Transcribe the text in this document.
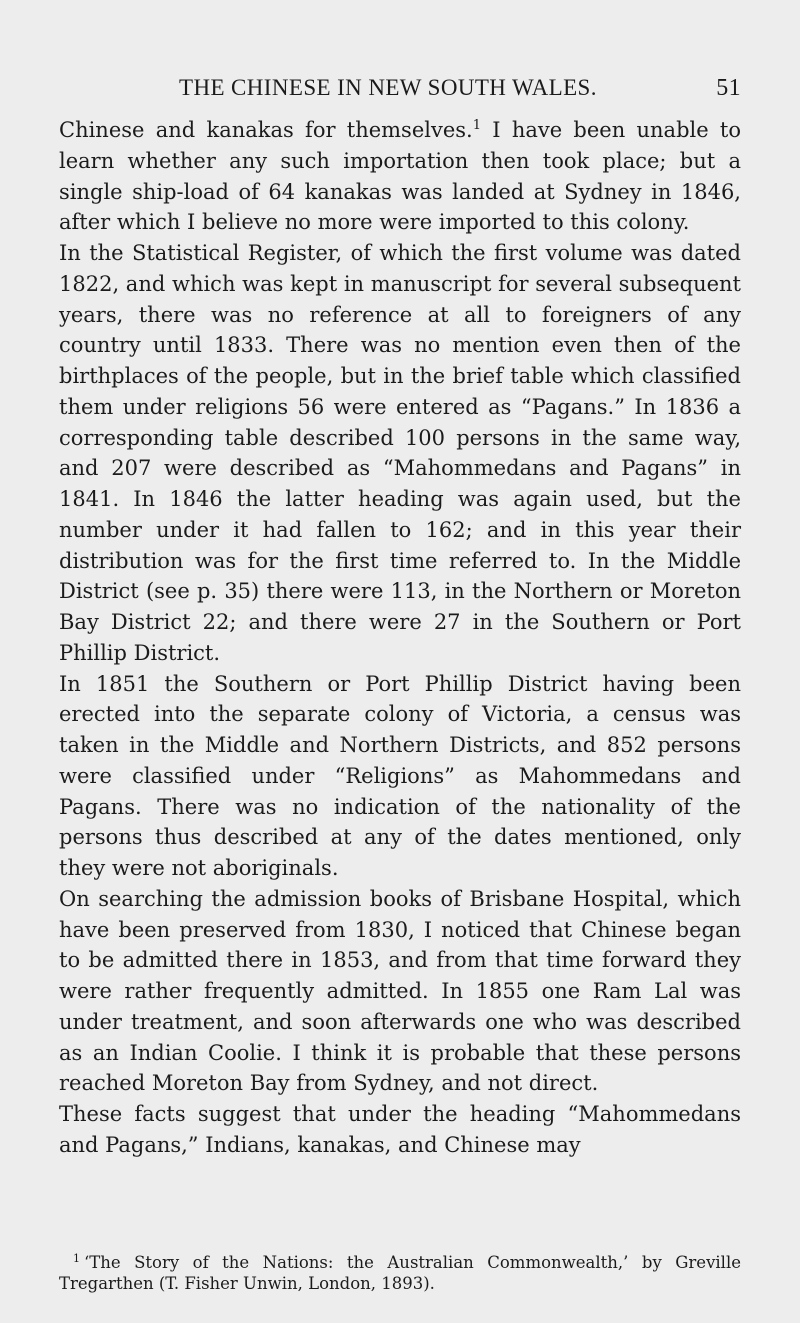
THE CHINESE IN NEW SOUTH WALES.	51

Chinese and kanakas for themselves.$^1$ I have been unable to learn whether any such importation then took place; but a single ship-load of 64 kanakas was landed at Sydney in 1846, after which I believe no more were imported to this colony.

In the Statistical Register, of which the first volume was dated 1822, and which was kept in manuscript for several subsequent years, there was no reference at all to foreigners of any country until 1833. There was no mention even then of the birthplaces of the people, but in the brief table which classified them under religions 56 were entered as “Pagans.” In 1836 a corresponding table described 100 persons in the same way, and 207 were described as “Mahommedans and Pagans” in 1841. In 1846 the latter heading was again used, but the number under it had fallen to 162; and in this year their distribution was for the first time referred to. In the Middle District (see p. 35) there were 113, in the Northern or Moreton Bay District 22; and there were 27 in the Southern or Port Phillip District.

In 1851 the Southern or Port Phillip District having been erected into the separate colony of Victoria, a census was taken in the Middle and Northern Districts, and 852 persons were classified under “Religions” as Mahommedans and Pagans. There was no indication of the nationality of the persons thus described at any of the dates mentioned, only they were not aboriginals.

On searching the admission books of Brisbane Hospital, which have been preserved from 1830, I noticed that Chinese began to be admitted there in 1853, and from that time forward they were rather frequently admitted. In 1855 one Ram Lal was under treatment, and soon afterwards one who was described as an Indian Coolie. I think it is probable that these persons reached Moreton Bay from Sydney, and not direct.

These facts suggest that under the heading “Mahommedans and Pagans,” Indians, kanakas, and Chinese may

$^1$ ‘The Story of the Nations: the Australian Commonwealth,’ by Greville Tregarthen (T. Fisher Unwin, London, 1893).
